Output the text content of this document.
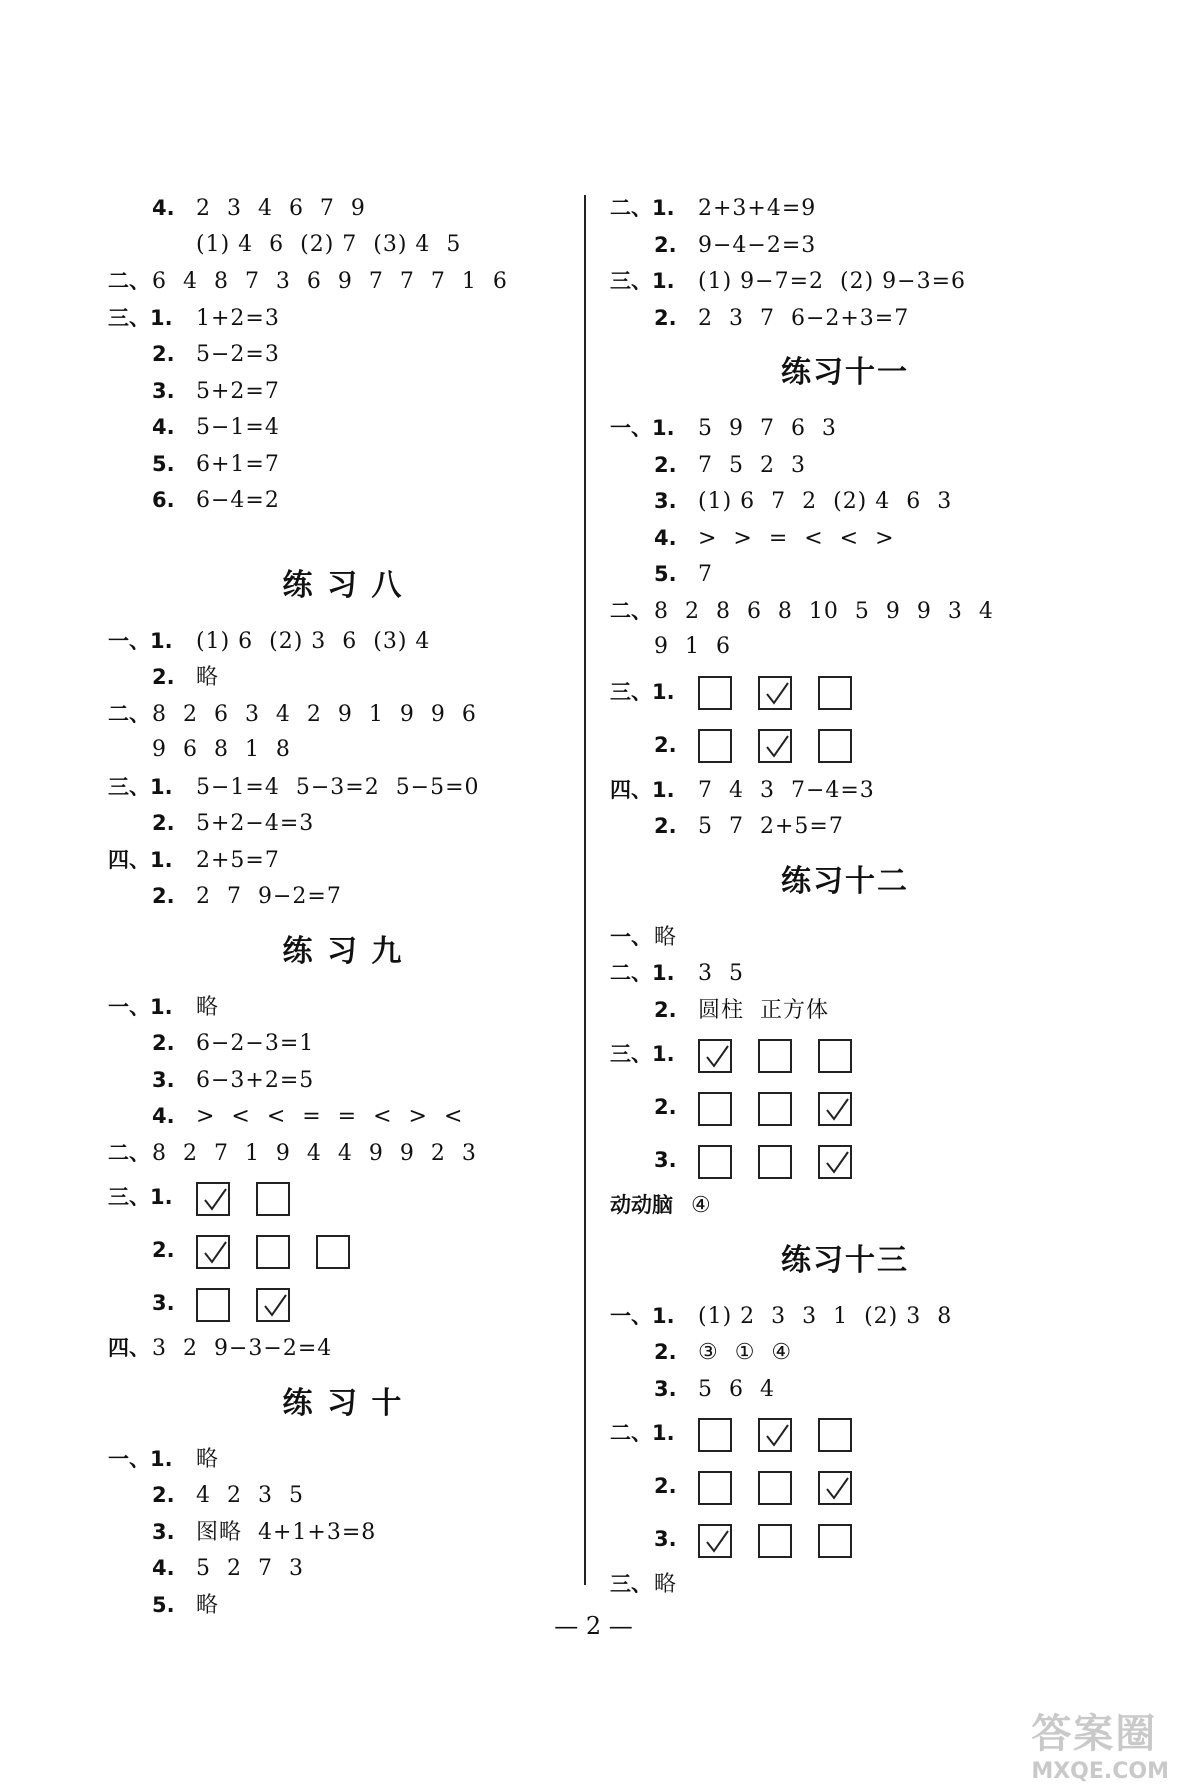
4. 2  3  4  6  7  9
(1) 4  6  (2) 7  (3) 4  5
二、6  4  8  7  3  6  9  7  7  7  1  6
三、1. 1+2=3
2. 5−2=3
3. 5+2=7
4. 5−1=4
5. 6+1=7
6. 6−4=2
练 习 八
一、1. (1) 6  (2) 3  6  (3) 4
2. 略
二、8  2  6  3  4  2  9  1  9  9  6
9  6  8  1  8
三、1. 5−1=4  5−3=2  5−5=0
2. 5+2−4=3
四、1. 2+5=7
2. 2  7  9−2=7
练 习 九
一、1. 略
2. 6−2−3=1
3. 6−3+2=5
4. >  <  <  =  =  <  >  <
二、8  2  7  1  9  4  4  9  9  2  3
三、1.
2.
3.
四、3  2  9−3−2=4
练 习 十
一、1. 略
2. 4  2  3  5
3. 图略  4+1+3=8
4. 5  2  7  3
5. 略
二、1. 2+3+4=9
2. 9−4−2=3
三、1. (1) 9−7=2  (2) 9−3=6
2. 2  3  7  6−2+3=7
练习十一
一、1. 5  9  7  6  3
2. 7  5  2  3
3. (1) 6  7  2  (2) 4  6  3
4. >  >  =  <  <  >
5. 7
二、8  2  8  6  8  10  5  9  9  3  4
9  1  6
三、1.
2.
四、1. 7  4  3  7−4=3
2. 5  7  2+5=7
练习十二
一、略
二、1. 3  5
2. 圆柱  正方体
三、1.
2.
3.
动动脑 ④
练习十三
一、1. (1) 2  3  3  1  (2) 3  8
2. ③  ①  ④
3. 5  6  4
二、1.
2.
3.
三、略
— 2 —
答案圈
MXQE.COM
